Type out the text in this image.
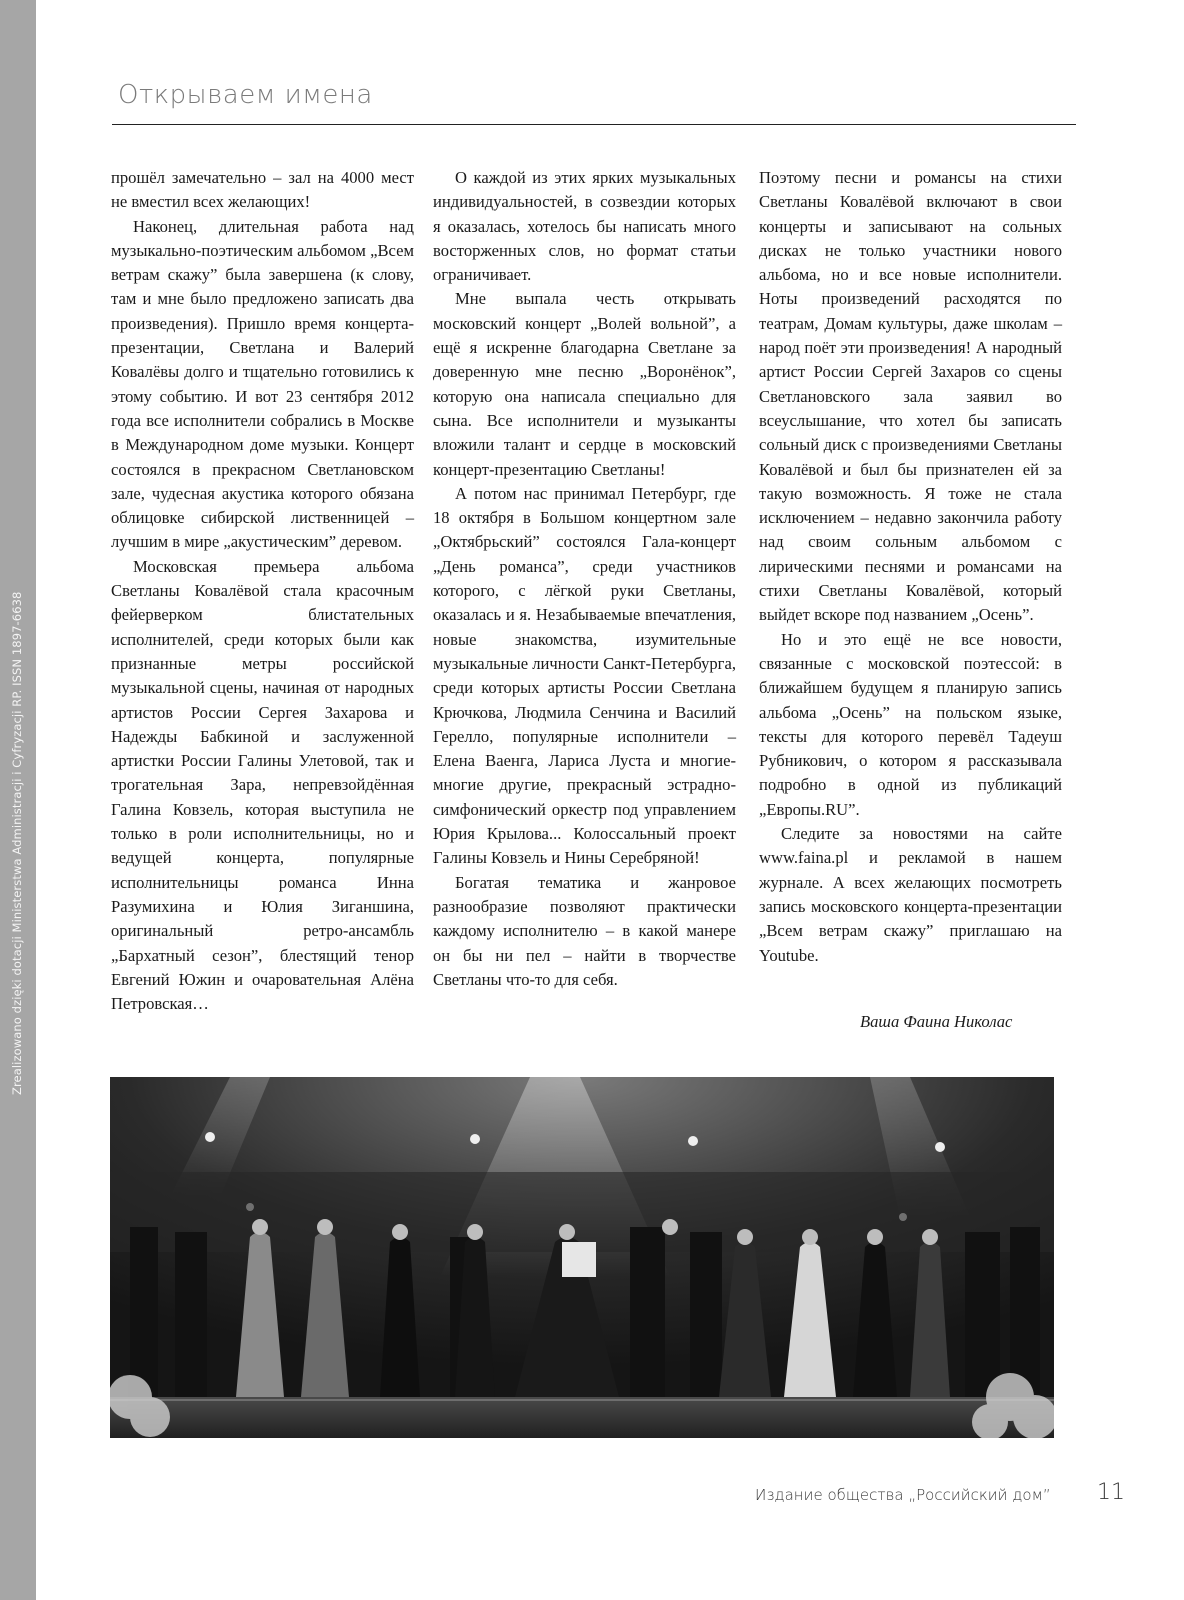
Zrealizowano dzięki dotacji Ministerstwa Administracji i Cyfryzacji RP. ISSN 1897-6638
Открываем имена

прошёл замечательно – зал на 4000 мест не вместил всех желающих!

Наконец, длительная работа над музыкально-поэтическим альбомом „Всем ветрам скажу” была завершена (к слову, там и мне было предложено записать два произведения). Пришло время концерта-презентации, Светлана и Валерий Ковалёвы долго и тщательно готовились к этому событию. И вот 23 сентября 2012 года все исполнители собрались в Москве в Международном доме музыки. Концерт состоялся в прекрасном Светлановском зале, чудесная акустика которого обязана облицовке сибирской лиственницей – лучшим в мире „акустическим” деревом.

Московская премьера альбома Светланы Ковалёвой стала красочным фейерверком блистательных исполнителей, среди которых были как признанные метры российской музыкальной сцены, начиная от народных артистов России Сергея Захарова и Надежды Бабкиной и заслуженной артистки России Галины Улетовой, так и трогательная Зара, непревзойдённая Галина Ковзель, которая выступила не только в роли исполнительницы, но и ведущей концерта, популярные исполнительницы романса Инна Разумихина и Юлия Зиганшина, оригинальный ретро-ансамбль „Бархатный сезон”, блестящий тенор Евгений Южин и очаровательная Алёна Петровская…

О каждой из этих ярких музыкальных индивидуальностей, в созвездии которых я оказалась, хотелось бы написать много восторженных слов, но формат статьи ограничивает.

Мне выпала честь открывать московский концерт „Волей вольной”, а ещё я искренне благодарна Светлане за доверенную мне песню „Воронёнок”, которую она написала специально для сына. Все исполнители и музыканты вложили талант и сердце в московский концерт-презентацию Светланы!

А потом нас принимал Петербург, где 18 октября в Большом концертном зале „Октябрьский” состоялся Гала-концерт „День романса”, среди участников которого, с лёгкой руки Светланы, оказалась и я. Незабываемые впечатления, новые знакомства, изумительные музыкальные личности Санкт-Петербурга, среди которых артисты России Светлана Крючкова, Людмила Сенчина и Василий Герелло, популярные исполнители – Елена Ваенга, Лариса Луста и многие-многие другие, прекрасный эстрадно-симфонический оркестр под управлением Юрия Крылова... Колоссальный проект Галины Ковзель и Нины Серебряной!

Богатая тематика и жанровое разнообразие позволяют практически каждому исполнителю – в какой манере он бы ни пел – найти в творчестве Светланы что-то для себя.

Поэтому песни и романсы на стихи Светланы Ковалёвой включают в свои концерты и записывают на сольных дисках не только участники нового альбома, но и все новые исполнители. Ноты произведений расходятся по театрам, Домам культуры, даже школам – народ поёт эти произведения! А народный артист России Сергей Захаров со сцены Светлановского зала заявил во всеуслышание, что хотел бы записать сольный диск с произведениями Светланы Ковалёвой и был бы признателен ей за такую возможность. Я тоже не стала исключением – недавно закончила работу над своим сольным альбомом с лирическими песнями и романсами на стихи Светланы Ковалёвой, который выйдет вскоре под названием „Осень”.

Но и это ещё не все новости, связанные с московской поэтессой: в ближайшем будущем я планирую запись альбома „Осень” на польском языке, тексты для которого перевёл Тадеуш Рубникович, о котором я рассказывала подробно в одной из публикаций „Европы.RU”.

Следите за новостями на сайте www.faina.pl и рекламой в нашем журнале. А всех желающих посмотреть запись московского концерта-презентации „Всем ветрам скажу” приглашаю на Youtube.

Ваша Фаина Николас
Издание общества „Российский дом” 11
